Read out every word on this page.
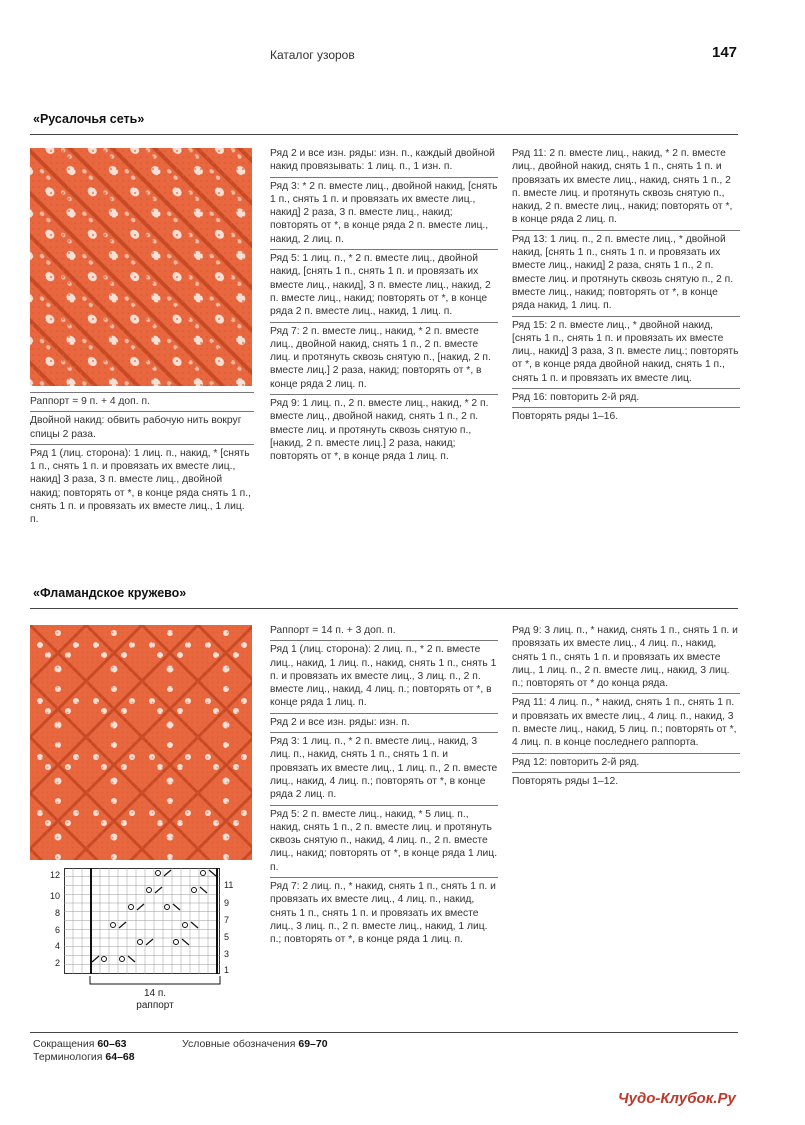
Каталог узоров	147
«Русалочья сеть»

Раппорт = 9 п. + 4 доп. п.

Двойной накид: обвить рабочую нить вокруг спицы 2 раза.

Ряд 1 (лиц. сторона): 1 лиц. п., накид, * [снять 1 п., снять 1 п. и провязать их вместе лиц., накид] 3 раза, 3 п. вместе лиц., двойной накид; повторять от *, в конце ряда снять 1 п., снять 1 п. и провязать их вместе лиц., 1 лиц. п.

Ряд 2 и все изн. ряды: изн. п., каждый двойной накид провязывать: 1 лиц. п., 1 изн. п.

Ряд 3: * 2 п. вместе лиц., двойной накид, [снять 1 п., снять 1 п. и провязать их вместе лиц., накид] 2 раза, 3 п. вместе лиц., накид; повторять от *, в конце ряда 2 п. вместе лиц., накид, 2 лиц. п.

Ряд 5: 1 лиц. п., * 2 п. вместе лиц., двойной накид, [снять 1 п., снять 1 п. и провязать их вместе лиц., накид], 3 п. вместе лиц., накид, 2 п. вместе лиц., накид; повторять от *, в конце ряда 2 п. вместе лиц., накид, 1 лиц. п.

Ряд 7: 2 п. вместе лиц., накид, * 2 п. вместе лиц., двойной накид, снять 1 п., 2 п. вместе лиц. и протянуть сквозь снятую п., [накид, 2 п. вместе лиц.] 2 раза, накид; повторять от *, в конце ряда 2 лиц. п.

Ряд 9: 1 лиц. п., 2 п. вместе лиц., накид, * 2 п. вместе лиц., двойной накид, снять 1 п., 2 п. вместе лиц. и протянуть сквозь снятую п., [накид, 2 п. вместе лиц.] 2 раза, накид; повторять от *, в конце ряда 1 лиц. п.

Ряд 11: 2 п. вместе лиц., накид, * 2 п. вместе лиц., двойной накид, снять 1 п., снять 1 п. и провязать их вместе лиц., накид, снять 1 п., 2 п. вместе лиц. и протянуть сквозь снятую п., накид, 2 п. вместе лиц., накид; повторять от *, в конце ряда 2 лиц. п.

Ряд 13: 1 лиц. п., 2 п. вместе лиц., * двойной накид, [снять 1 п., снять 1 п. и провязать их вместе лиц., накид] 2 раза, снять 1 п., 2 п. вместе лиц. и протянуть сквозь снятую п., 2 п. вместе лиц., накид; повторять от *, в конце ряда накид, 1 лиц. п.

Ряд 15: 2 п. вместе лиц., * двойной накид, [снять 1 п., снять 1 п. и провязать их вместе лиц., накид] 3 раза, 3 п. вместе лиц.; повторять от *, в конце ряда двойной накид, снять 1 п., снять 1 п. и провязать их вместе лиц.

Ряд 16: повторить 2-й ряд.

Повторять ряды 1–16.

«Фламандское кружево»
12
10
8
6
4
2
11
9
7
5
3
1
14 п.
раппорт

Раппорт = 14 п. + 3 доп. п.

Ряд 1 (лиц. сторона): 2 лиц. п., * 2 п. вместе лиц., накид, 1 лиц. п., накид, снять 1 п., снять 1 п. и провязать их вместе лиц., 3 лиц. п., 2 п. вместе лиц., накид, 4 лиц. п.; повторять от *, в конце ряда 1 лиц. п.

Ряд 2 и все изн. ряды: изн. п.

Ряд 3: 1 лиц. п., * 2 п. вместе лиц., накид, 3 лиц. п., накид, снять 1 п., снять 1 п. и провязать их вместе лиц., 1 лиц. п., 2 п. вместе лиц., накид, 4 лиц. п.; повторять от *, в конце ряда 2 лиц. п.

Ряд 5: 2 п. вместе лиц., накид, * 5 лиц. п., накид, снять 1 п., 2 п. вместе лиц. и протянуть сквозь снятую п., накид, 4 лиц. п., 2 п. вместе лиц., накид; повторять от *, в конце ряда 1 лиц. п.

Ряд 7: 2 лиц. п., * накид, снять 1 п., снять 1 п. и провязать их вместе лиц., 4 лиц. п., накид, снять 1 п., снять 1 п. и провязать их вместе лиц., 3 лиц. п., 2 п. вместе лиц., накид, 1 лиц. п.; повторять от *, в конце ряда 1 лиц. п.

Ряд 9: 3 лиц. п., * накид, снять 1 п., снять 1 п. и провязать их вместе лиц., 4 лиц. п., накид, снять 1 п., снять 1 п. и провязать их вместе лиц., 1 лиц. п., 2 п. вместе лиц., накид, 3 лиц. п.; повторять от * до конца ряда.

Ряд 11: 4 лиц. п., * накид, снять 1 п., снять 1 п. и провязать их вместе лиц., 4 лиц. п., накид, 3 п. вместе лиц., накид, 5 лиц. п.; повторять от *, 4 лиц. п. в конце последнего раппорта.

Ряд 12: повторить 2-й ряд.

Повторять ряды 1–12.

Сокращения 60–63
Терминология 64–68
Условные обозначения 69–70
Чудо-Клубок.Ру
